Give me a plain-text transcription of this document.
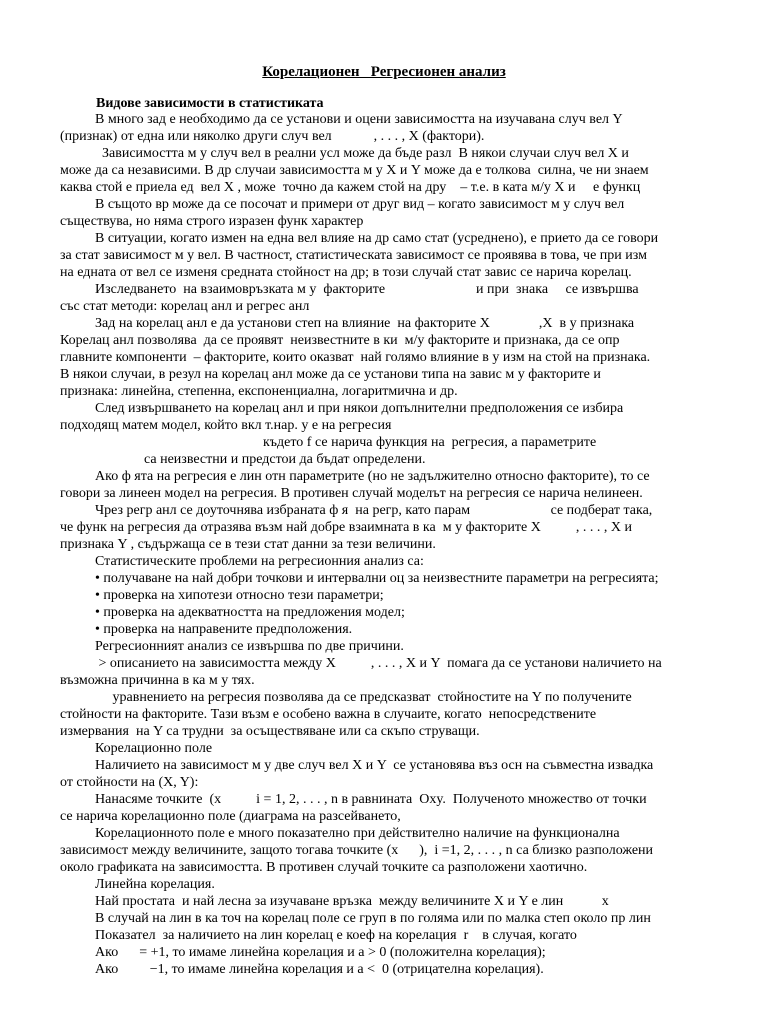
Корелационен   Регресионен анализ
Видове зависимости в статистиката
В много зад е необходимо да се установи и оцени зависимостта на изучавана случ вел Y
(признак) от една или няколко други случ вел            , . . . , X (фактори).
Зависимостта м у случ вел в реални усл може да бъде разл  В някои случаи случ вел X и
може да са независими. В др случаи зависимостта м у X и Y може да е толкова  силна, че ни знаем
каква стой е приела ед  вел X , може  точно да кажем стой на дру    – т.е. в ката м/у X и     е функц
В същото вр може да се посочат и примери от друг вид – когато зависимост м у случ вел
съществува, но няма строго изразен функ характер
В ситуации, когато измен на една вел влияе на др само стат (усреднено), е прието да се говори
за стат зависимост м у вел. В частност, статистическата зависимост се проявява в това, че при изм
на едната от вел се изменя средната стойност на др; в този случай стат завис се нарича корелац.
Изследването  на взаимовръзката м у  факторите                          и при  знака     се извършва
със стат методи: корелац анл и регрес анл
Зад на корелац анл е да установи степ на влияние  на факторите X              ,X  в у признака
Корелац анл позволява  да се проявят  неизвестните в ки  м/у факторите и признака, да се опр
главните компоненти  – факторите, които оказват  най голямо влияние в у изм на стой на признака.
В някои случаи, в резул на корелац анл може да се установи типа на завис м у факторите и
признака: линейна, степенна, експоненциална, логаритмична и др.
След извършването на корелац анл и при някои допълнителни предположения се избира
подходящ матем модел, който вкл т.нар. у е на регресия
където f се нарича функция на  регресия, а параметрите
са неизвестни и предстои да бъдат определени.
Ако ф ята на регресия е лин отн параметрите (но не задължително относно факторите), то се
говори за линеен модел на регресия. В противен случай моделът на регресия се нарича нелинеен.
Чрез регр анл се доуточнява избраната ф я  на регр, като парам                       се подберат така,
че функ на регресия да отразява възм най добре взаимната в ка  м у факторите X          , . . . , X и
признака Y , съдържаща се в тези стат данни за тези величини.
Статистическите проблеми на регресионния анализ са:
• получаване на най добри точкови и интервални оц за неизвестните параметри на регресията;
• проверка на хипотези относно тези параметри;
• проверка на адекватността на предложения модел;
• проверка на направените предположения.
Регресионният анализ се извършва по две причини.
> описанието на зависимостта между X          , . . . , X и Y  помага да се установи наличието на
възможна причинна в ка м у тях.
уравнението на регресия позволява да се предсказват  стойностите на Y по получените
стойности на факторите. Тази възм е особено важна в случаите, когато  непосредствените
измервания  на Y са трудни  за осъществяване или са скъпо струващи.
Корелационно поле
Наличието на зависимост м у две случ вел X и Y  се установява въз осн на съвместна извадка
от стойности на (X, Y):
Нанасяме точките  (x          i = 1, 2, . . . , n в равнината  Oxy.  Полученото множество от точки
се нарича корелационно поле (диаграма на разсейването,
Корелационното поле е много показателно при действително наличие на функционална
зависимост между величините, защото тогава точките (x      ),  i =1, 2, . . . , n са близко разположени
около графиката на зависимостта. В противен случай точките са разположени хаотично.
Линейна корелация.
Най простата  и най лесна за изучаване връзка  между величините X и Y е лин           x
В случай на лин в ка точ на корелац поле се груп в по голяма или по малка степ около пр лин
Показател  за наличието на лин корелац е коеф на корелация  r    в случая, когато
Ако      = +1, то имаме линейна корелация и а > 0 (положителна корелация);
Ако         −1, то имаме линейна корелация и а <  0 (отрицателна корелация).
